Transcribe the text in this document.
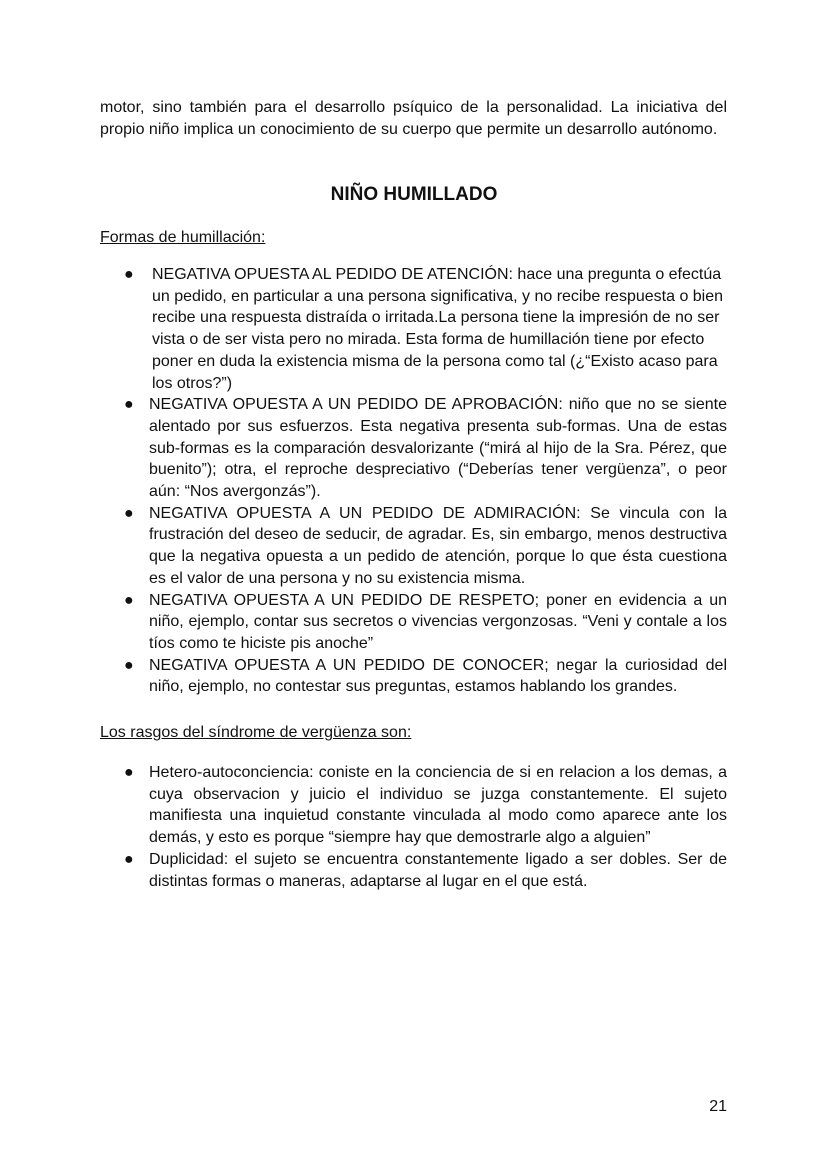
motor, sino también para el desarrollo psíquico de la personalidad. La iniciativa del propio niño implica un conocimiento de su cuerpo que permite un desarrollo autónomo.
NIÑO HUMILLADO
Formas de humillación:
● NEGATIVA OPUESTA AL PEDIDO DE ATENCIÓN: hace una pregunta o efectúa un pedido, en particular a una persona significativa, y no recibe respuesta o bien recibe una respuesta distraída o irritada.La persona tiene la impresión de no ser vista o de ser vista pero no mirada. Esta forma de humillación tiene por efecto poner en duda la existencia misma de la persona como tal (¿“Existo acaso para los otros?”)
● NEGATIVA OPUESTA A UN PEDIDO DE APROBACIÓN: niño que no se siente alentado por sus esfuerzos. Esta negativa presenta sub-formas. Una de estas sub-formas es la comparación desvalorizante (“mirá al hijo de la Sra. Pérez, que buenito”); otra, el reproche despreciativo (“Deberías tener vergüenza”, o peor aún: “Nos avergonzás”).
● NEGATIVA OPUESTA A UN PEDIDO DE ADMIRACIÓN: Se vincula con la frustración del deseo de seducir, de agradar. Es, sin embargo, menos destructiva que la negativa opuesta a un pedido de atención, porque lo que ésta cuestiona es el valor de una persona y no su existencia misma.
● NEGATIVA OPUESTA A UN PEDIDO DE RESPETO; poner en evidencia a un niño, ejemplo, contar sus secretos o vivencias vergonzosas. “Veni y contale a los tíos como te hiciste pis anoche”
● NEGATIVA OPUESTA A UN PEDIDO DE CONOCER; negar la curiosidad del niño, ejemplo, no contestar sus preguntas, estamos hablando los grandes.
Los rasgos del síndrome de vergüenza son:
● Hetero-autoconciencia: coniste en la conciencia de si en relacion a los demas, a cuya observacion y juicio el individuo se juzga constantemente. El sujeto manifiesta una inquietud constante vinculada al modo como aparece ante los demás, y esto es porque “siempre hay que demostrarle algo a alguien”
● Duplicidad: el sujeto se encuentra constantemente ligado a ser dobles. Ser de distintas formas o maneras, adaptarse al lugar en el que está.
21
